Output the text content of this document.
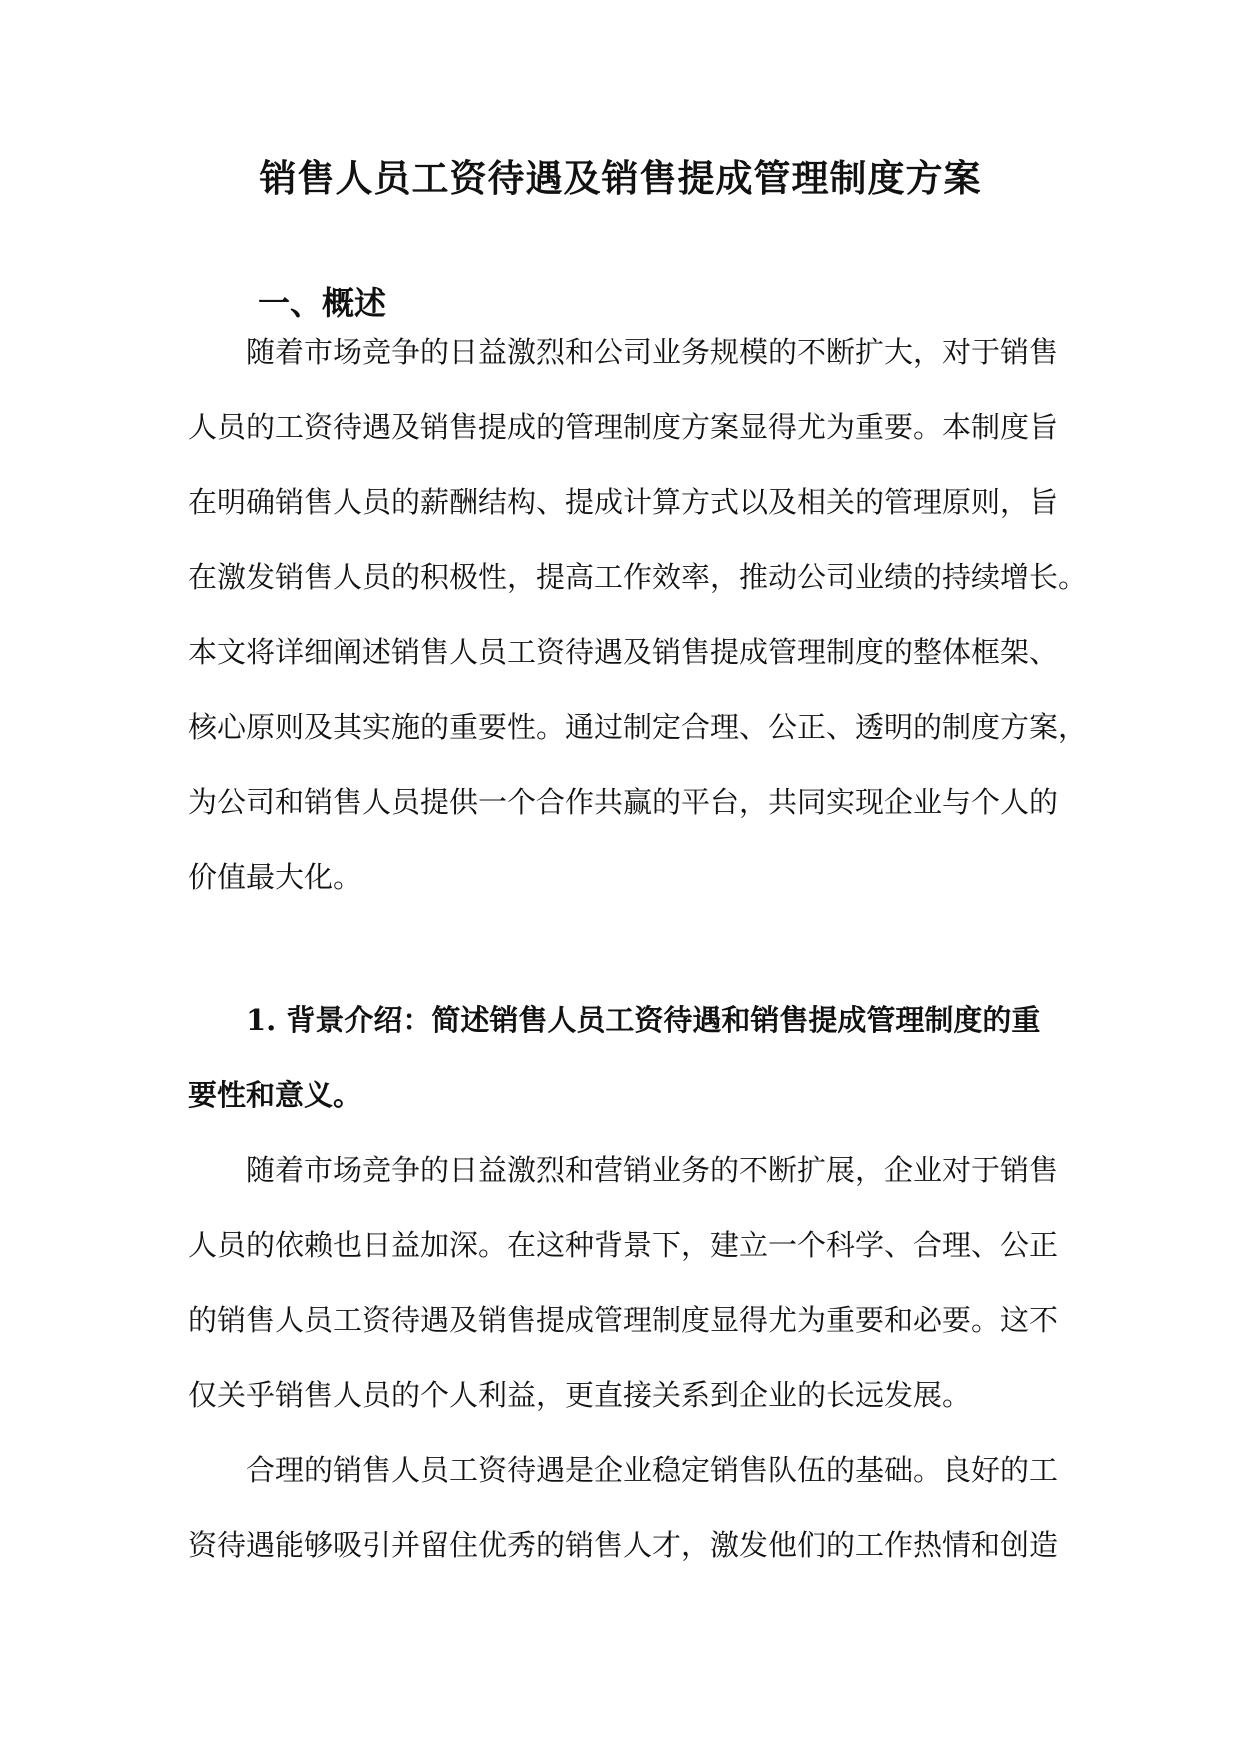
销售人员工资待遇及销售提成管理制度方案
一、概述
随着市场竞争的日益激烈和公司业务规模的不断扩大，对于销售
人员的工资待遇及销售提成的管理制度方案显得尤为重要。本制度旨
在明确销售人员的薪酬结构、提成计算方式以及相关的管理原则，旨
在激发销售人员的积极性，提高工作效率，推动公司业绩的持续增长。
本文将详细阐述销售人员工资待遇及销售提成管理制度的整体框架、
核心原则及其实施的重要性。通过制定合理、公正、透明的制度方案，
为公司和销售人员提供一个合作共赢的平台，共同实现企业与个人的
价值最大化。
1. 背景介绍：简述销售人员工资待遇和销售提成管理制度的重
要性和意义。
随着市场竞争的日益激烈和营销业务的不断扩展，企业对于销售
人员的依赖也日益加深。在这种背景下，建立一个科学、合理、公正
的销售人员工资待遇及销售提成管理制度显得尤为重要和必要。这不
仅关乎销售人员的个人利益，更直接关系到企业的长远发展。
合理的销售人员工资待遇是企业稳定销售队伍的基础。良好的工
资待遇能够吸引并留住优秀的销售人才，激发他们的工作热情和创造
